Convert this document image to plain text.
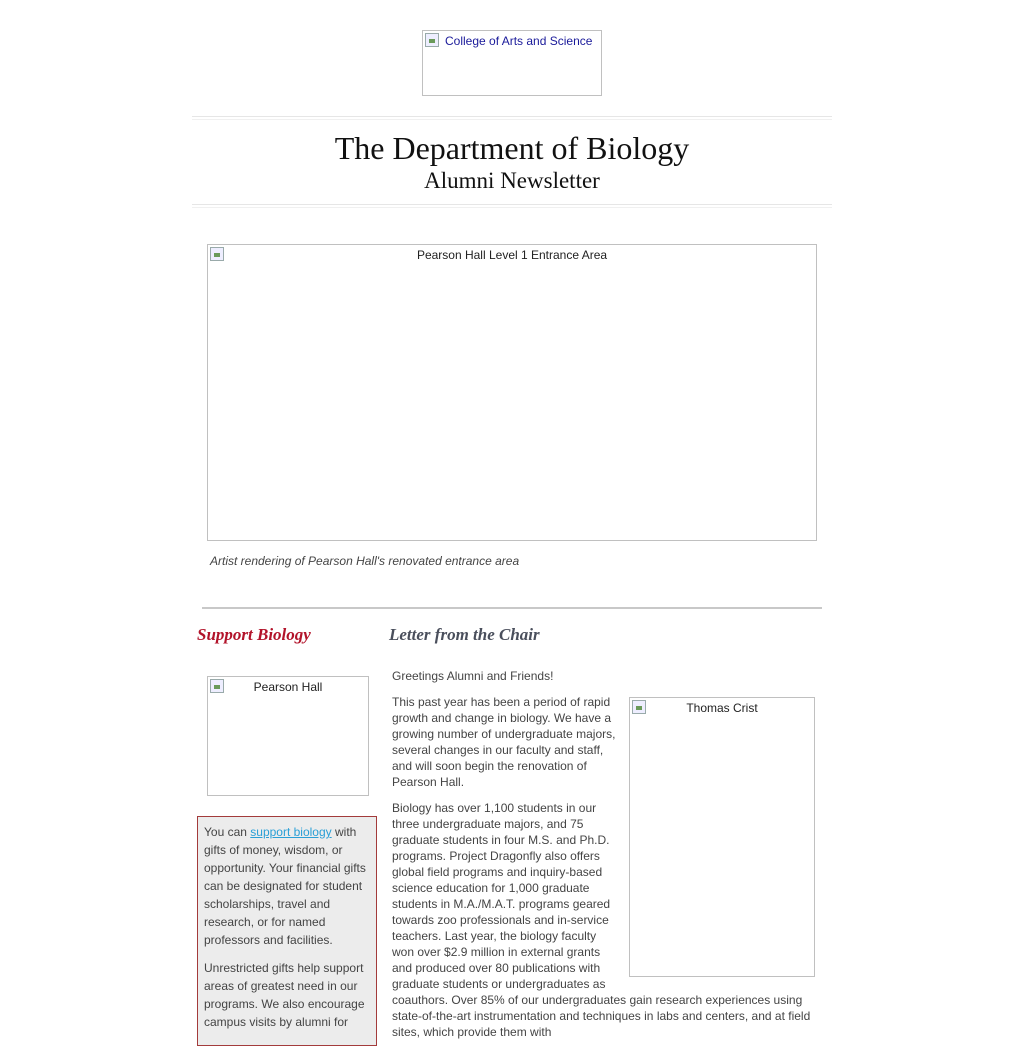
College of Arts and Science
The Department of Biology
Alumni Newsletter
Pearson Hall Level 1 Entrance Area
Artist rendering of Pearson Hall's renovated entrance area
Support Biology	Letter from the Chair
Pearson Hall

You can support biology with gifts of money, wisdom, or opportunity. Your financial gifts can be designated for student scholarships, travel and research, or for named professors and facilities.

Unrestricted gifts help support areas of greatest need in our programs. We also encourage campus visits by alumni for

Greetings Alumni and Friends!

Thomas Crist

This past year has been a period of rapid growth and change in biology. We have a growing number of undergraduate majors, several changes in our faculty and staff, and will soon begin the renovation of Pearson Hall.

Biology has over 1,100 students in our three undergraduate majors, and 75 graduate students in four M.S. and Ph.D. programs. Project Dragonfly also offers global field programs and inquiry-based science education for 1,000 graduate students in M.A./M.A.T. programs geared towards zoo professionals and in-service teachers. Last year, the biology faculty won over $2.9 million in external grants and produced over 80 publications with graduate students or undergraduates as coauthors. Over 85% of our undergraduates gain research experiences using state-of-the-art instrumentation and techniques in labs and centers, and at field sites, which provide them with
